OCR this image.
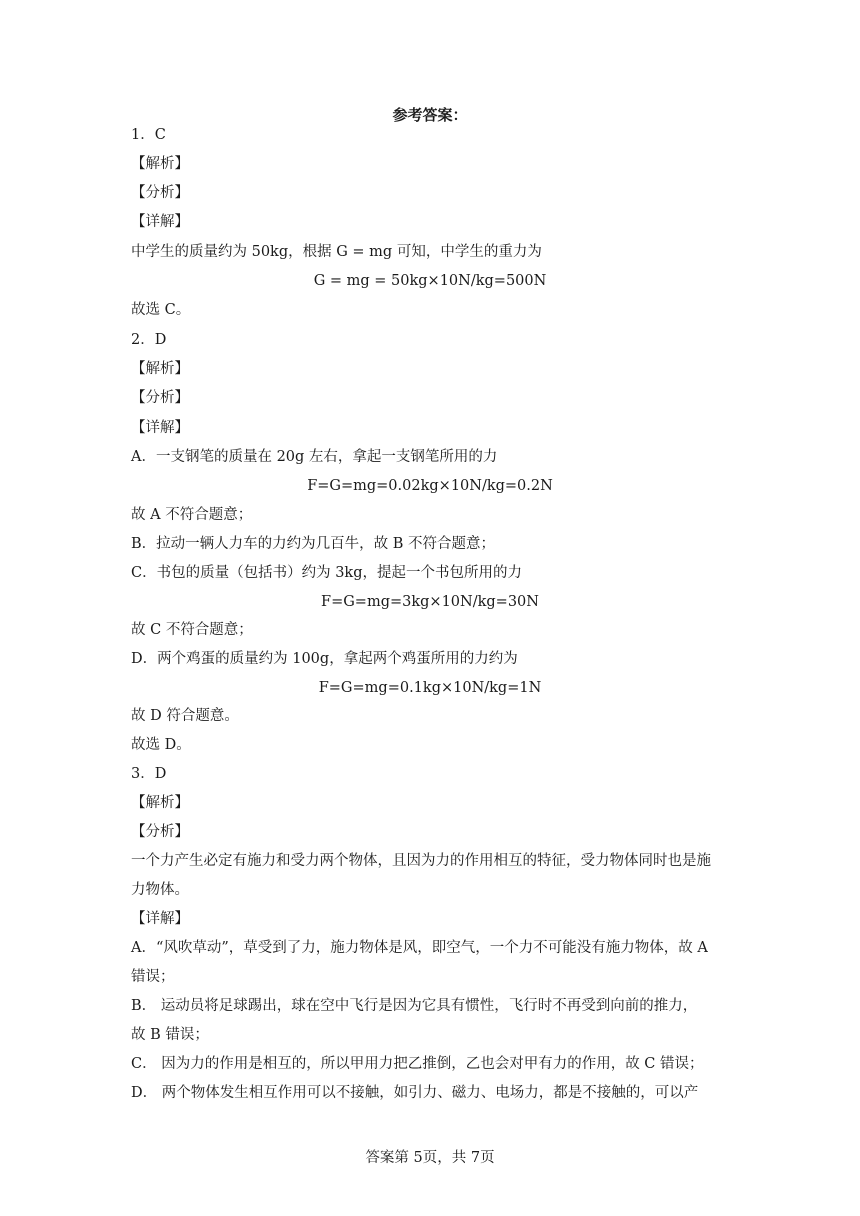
参考答案：
1．C
【解析】
【分析】
【详解】
中学生的质量约为 50kg，根据 G = mg 可知，中学生的重力为
G = mg = 50kg×10N/kg=500N
故选 C。
2．D
【解析】
【分析】
【详解】
A．一支钢笔的质量在 20g 左右，拿起一支钢笔所用的力
F=G=mg=0.02kg×10N/kg=0.2N
故 A 不符合题意；
B．拉动一辆人力车的力约为几百牛，故 B 不符合题意；
C．书包的质量（包括书）约为 3kg，提起一个书包所用的力
F=G=mg=3kg×10N/kg=30N
故 C 不符合题意；
D．两个鸡蛋的质量约为 100g，拿起两个鸡蛋所用的力约为
F=G=mg=0.1kg×10N/kg=1N
故 D 符合题意。
故选 D。
3．D
【解析】
【分析】
一个力产生必定有施力和受力两个物体，且因为力的作用相互的特征，受力物体同时也是施
力物体。
【详解】
A．“风吹草动”，草受到了力，施力物体是风，即空气，一个力不可能没有施力物体，故 A
错误；
B． 运动员将足球踢出，球在空中飞行是因为它具有惯性，飞行时不再受到向前的推力，
故 B 错误；
C． 因为力的作用是相互的，所以甲用力把乙推倒，乙也会对甲有力的作用，故 C 错误；
D． 两个物体发生相互作用可以不接触，如引力、磁力、电场力，都是不接触的，可以产
答案第 5页，共 7页
